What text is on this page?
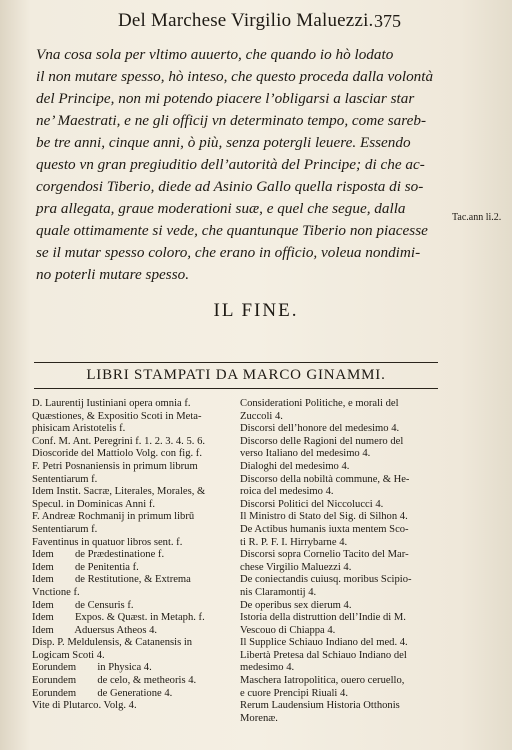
Del Marchese Virgilio Maluezzi. 375
Vna cosa sola per vltimo auuerto, che quando io hò lodato
il non mutare spesso, hò inteso, che questo proceda dalla volontà
del Principe, non mi potendo piacere l’obligarsi a lasciar star
ne’ Maestrati, e ne gli officij vn determinato tempo, come sareb-
be tre anni, cinque anni, ò più, senza potergli leuere. Essendo
questo vn gran pregiuditio dell’autorità del Principe; di che ac-
corgendosi Tiberio, diede ad Asinio Gallo quella risposta di so-
pra allegata, graue moderationi suæ, e quel che segue, dalla
quale ottimamente si vede, che quantunque Tiberio non piacesse
se il mutar spesso coloro, che erano in officio, voleua nondimi-
no poterli mutare spesso.
Tac.ann li.2.
IL FINE.
LIBRI STAMPATI DA MARCO GINAMMI.
D. Laurentij Iustiniani opera omnia f.
Quæstiones, & Expositio Scoti in Meta-
phisicam Aristotelis f.
Conf. M. Ant. Peregrini f. 1. 2. 3. 4. 5. 6.
Dioscoride del Mattiolo Volg. con fig. f.
F. Petri Posnaniensis in primum librum
Sententiarum f.
Idem Instit. Sacræ, Literales, Morales, &
Specul. in Dominicas Anni f.
F. Andreæ Rochmanij in primum librū
Sententiarum f.
Faventinus in quatuor libros sent. f.
Idem        de Prædestinatione f.
Idem        de Penitentia f.
Idem        de Restitutione, & Extrema
Vnctione f.
Idem        de Censuris f.
Idem        Expos. & Quæst. in Metaph. f.
Idem        Aduersus Atheos 4.
Disp. P. Meldulensis, & Catanensis in
Logicam Scoti 4.
Eorundem        in Physica 4.
Eorundem        de celo, & metheoris 4.
Eorundem        de Generatione 4.
Vite di Plutarco. Volg. 4.
Considerationi Politiche, e morali del
Zuccoli 4.
Discorsi dell’honore del medesimo 4.
Discorso delle Ragioni del numero del
verso Italiano del medesimo 4.
Dialoghi del medesimo 4.
Discorso della nobiltà commune, & He-
roica del medesimo 4.
Discorsi Politici del Niccolucci 4.
Il Ministro di Stato del Sig. di Silhon 4.
De Actibus humanis iuxta mentem Sco-
ti R. P. F. I. Hirrybarne 4.
Discorsi sopra Cornelio Tacito del Mar-
chese Virgilio Maluezzi 4.
De coniectandis cuiusq. moribus Scipio-
nis Claramontij 4.
De operibus sex dierum 4.
Istoria della distruttion dell’Indie di M.
Vescouo di Chiappa 4.
Il Supplice Schiauo Indiano del med. 4.
Libertà Pretesa dal Schiauo Indiano del
medesimo 4.
Maschera Iatropolitica, ouero ceruello,
e cuore Prencipi Riuali 4.
Rerum Laudensium Historia Otthonis
Morenæ.
